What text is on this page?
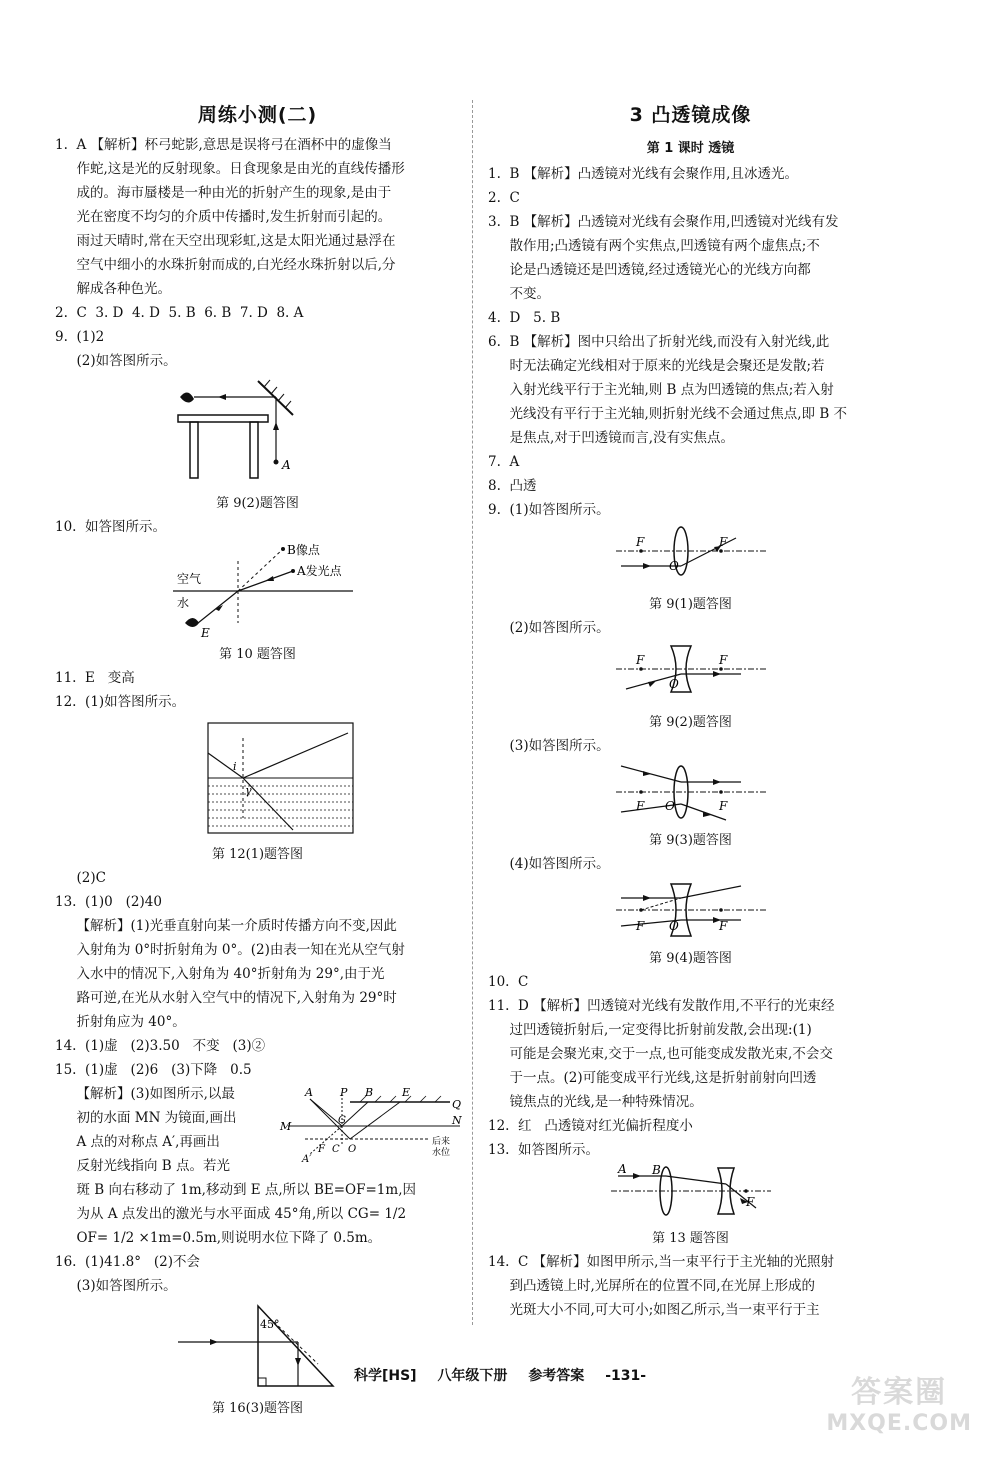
周练小测(二)
1.  A 【解析】杯弓蛇影,意思是误将弓在酒杯中的虚像当
作蛇,这是光的反射现象。日食现象是由光的直线传播形
成的。海市蜃楼是一种由光的折射产生的现象,是由于
光在密度不均匀的介质中传播时,发生折射而引起的。
雨过天晴时,常在天空出现彩虹,这是太阳光通过悬浮在
空气中细小的水珠折射而成的,白光经水珠折射以后,分
解成各种色光。
2.  C  3. D  4. D  5. B  6. B  7. D  8. A
9.  (1)2
(2)如答图所示。
A
第 9(2)题答图
10.  如答图所示。
B像点
A发光点
空气
水
E
第 10 题答图
11.  E   变高
12.  (1)如答图所示。
i
γ
第 12(1)题答图
(2)C
13.  (1)0   (2)40
【解析】(1)光垂直射向某一介质时传播方向不变,因此
入射角为 0°时折射角为 0°。(2)由表一知在光从空气射
入水中的情况下,入射角为 40°折射角为 29°,由于光
路可逆,在光从水射入空气中的情况下,入射角为 29°时
折射角应为 40°。
14.  (1)虚   (2)3.50   不变   (3)②
15.  (1)虚   (2)6   (3)下降   0.5
【解析】(3)如图所示,以最
初的水面 MN 为镜面,画出
A 点的对称点 A′,再画出
反射光线指向 B 点。若光
A P B	E
Q
M	N
G
F C O
A′
后来
水位
斑 B 向右移动了 1m,移动到 E 点,所以 BE=OF=1m,因
为从 A 点发出的激光与水平面成 45°角,所以 CG= 1/2
OF= 1/2 ×1m=0.5m,则说明水位下降了 0.5m。
16.  (1)41.8°   (2)不会
(3)如答图所示。
45°
第 16(3)题答图
3 凸透镜成像
第 1 课时 透镜
1.  B 【解析】凸透镜对光线有会聚作用,且冰透光。
2.  C
3.  B 【解析】凸透镜对光线有会聚作用,凹透镜对光线有发
散作用;凸透镜有两个实焦点,凹透镜有两个虚焦点;不
论是凸透镜还是凹透镜,经过透镜光心的光线方向都
不变。
4.  D   5. B
6.  B 【解析】图中只给出了折射光线,而没有入射光线,此
时无法确定光线相对于原来的光线是会聚还是发散;若
入射光线平行于主光轴,则 B 点为凹透镜的焦点;若入射
光线没有平行于主光轴,则折射光线不会通过焦点,即 B 不
是焦点,对于凹透镜而言,没有实焦点。
7.  A
8.  凸透
9.  (1)如答图所示。
F	F
O
第 9(1)题答图
(2)如答图所示。
F	F
O
第 9(2)题答图
(3)如答图所示。
F	F
O
第 9(3)题答图
(4)如答图所示。
F	F
O
第 9(4)题答图
10.  C
11.  D 【解析】凹透镜对光线有发散作用,不平行的光束经
过凹透镜折射后,一定变得比折射前发散,会出现:(1)
可能是会聚光束,交于一点,也可能变成发散光束,不会交
于一点。(2)可能变成平行光线,这是折射前射向凹透
镜焦点的光线,是一种特殊情况。
12.  红   凸透镜对红光偏折程度小
13.  如答图所示。
A B
F
第 13 题答图
14.  C 【解析】如图甲所示,当一束平行于主光轴的光照射
到凸透镜上时,光屏所在的位置不同,在光屏上形成的
光斑大小不同,可大可小;如图乙所示,当一束平行于主
科学[HS] 八年级下册 参考答案 -131-	答案圈
MXQE.COM
